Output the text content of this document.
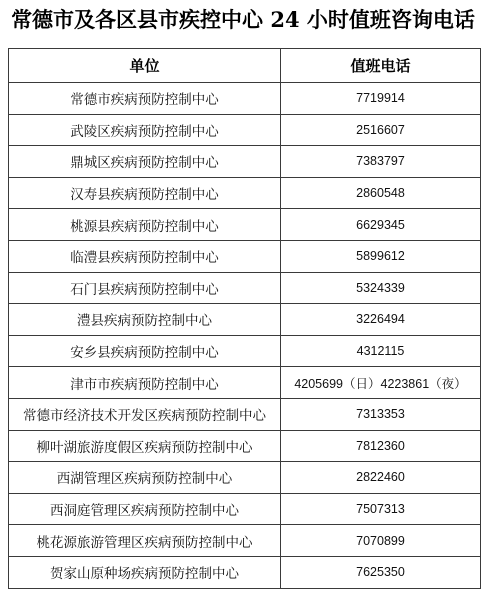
常德市及各区县市疾控中心 24 小时值班咨询电话
单位	值班电话
常德市疾病预防控制中心	7719914
武陵区疾病预防控制中心	2516607
鼎城区疾病预防控制中心	7383797
汉寿县疾病预防控制中心	2860548
桃源县疾病预防控制中心	6629345
临澧县疾病预防控制中心	5899612
石门县疾病预防控制中心	5324339
澧县疾病预防控制中心	3226494
安乡县疾病预防控制中心	4312115
津市市疾病预防控制中心	4205699（日）4223861（夜）
常德市经济技术开发区疾病预防控制中心	7313353
柳叶湖旅游度假区疾病预防控制中心	7812360
西湖管理区疾病预防控制中心	2822460
西洞庭管理区疾病预防控制中心	7507313
桃花源旅游管理区疾病预防控制中心	7070899
贺家山原种场疾病预防控制中心	7625350
